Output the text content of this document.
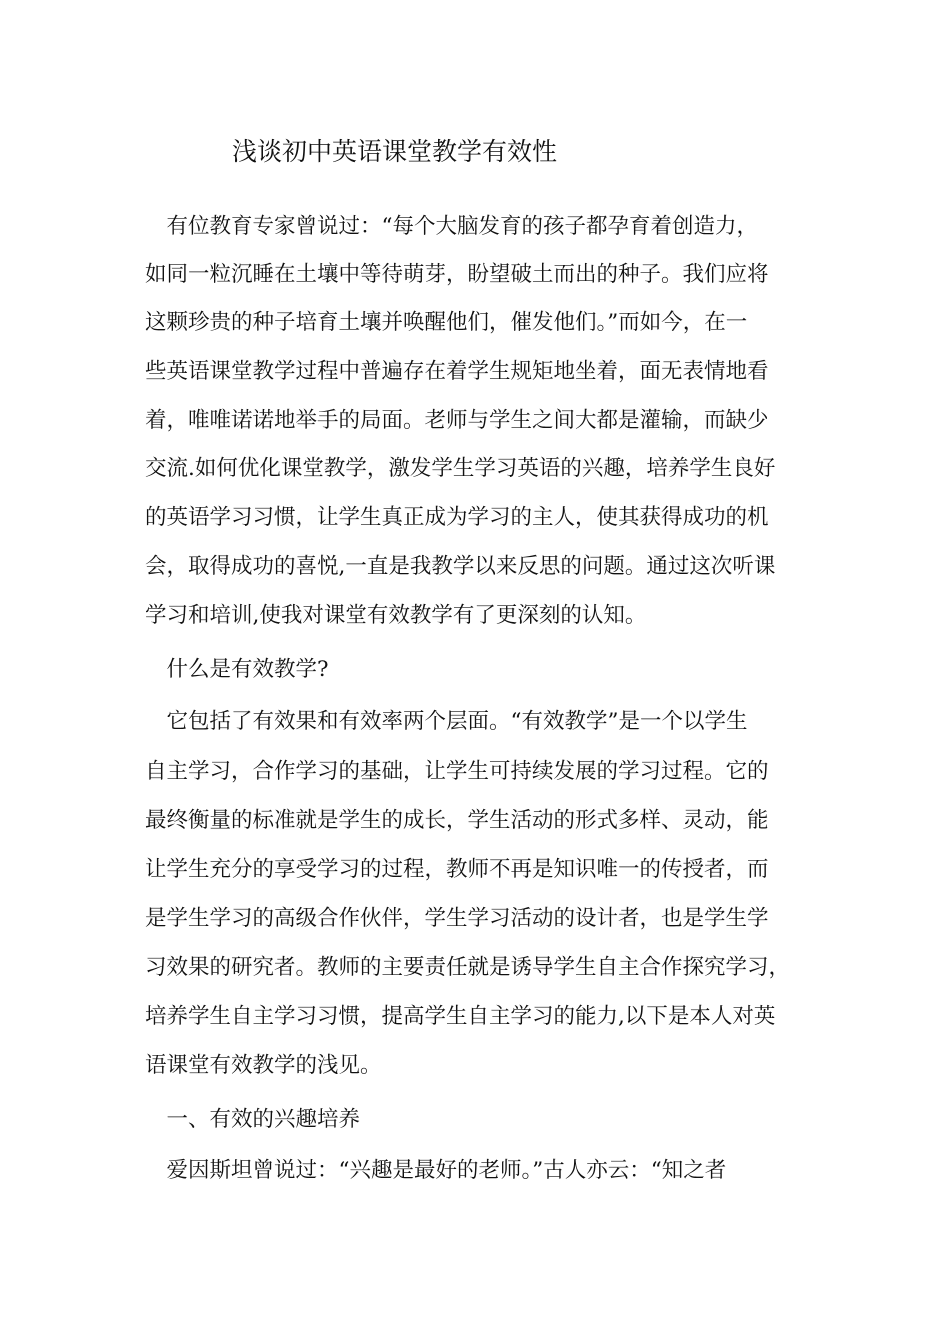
浅谈初中英语课堂教学有效性
　有位教育专家曾说过：“每个大脑发育的孩子都孕育着创造力，
如同一粒沉睡在土壤中等待萌芽，盼望破土而出的种子。我们应将
这颗珍贵的种子培育土壤并唤醒他们，催发他们。”而如今，在一
些英语课堂教学过程中普遍存在着学生规矩地坐着，面无表情地看
着，唯唯诺诺地举手的局面。老师与学生之间大都是灌输，而缺少
交流.如何优化课堂教学，激发学生学习英语的兴趣，培养学生良好
的英语学习习惯，让学生真正成为学习的主人，使其获得成功的机
会，取得成功的喜悦,一直是我教学以来反思的问题。通过这次听课
学习和培训,使我对课堂有效教学有了更深刻的认知。
　什么是有效教学?
　它包括了有效果和有效率两个层面。“有效教学”是一个以学生
自主学习，合作学习的基础，让学生可持续发展的学习过程。它的
最终衡量的标准就是学生的成长，学生活动的形式多样、灵动，能
让学生充分的享受学习的过程，教师不再是知识唯一的传授者，而
是学生学习的高级合作伙伴，学生学习活动的设计者，也是学生学
习效果的研究者。教师的主要责任就是诱导学生自主合作探究学习，
培养学生自主学习习惯，提高学生自主学习的能力,以下是本人对英
语课堂有效教学的浅见。
　一、有效的兴趣培养
　爱因斯坦曾说过：“兴趣是最好的老师。”古人亦云：“知之者
